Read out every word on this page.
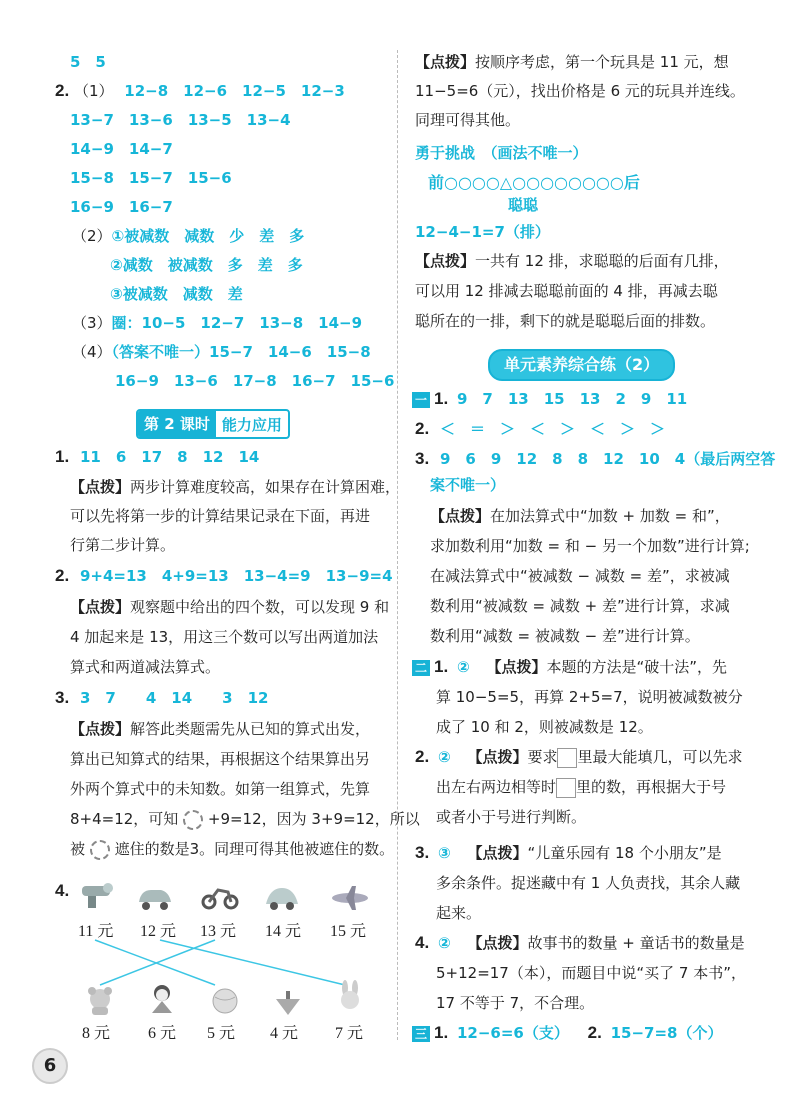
5　5
2. （1） 12−8　12−6　12−5　12−3
13−7　13−6　13−5　13−4
14−9　14−7
15−8　15−7　15−6
16−9　16−7
（2）①被减数　减数　少　差　多
②减数　被减数　多　差　多
③被减数　减数　差
（3）圈：10−5　12−7　13−8　14−9
（4）（答案不唯一）15−7　14−6　15−8
16−9　13−6　17−8　16−7　15−6
第 2 课时 能力应用
1. 11　6　17　8　12　14
【点拨】两步计算难度较高，如果存在计算困难，
可以先将第一步的计算结果记录在下面，再进
行第二步计算。
2. 9+4=13　4+9=13　13−4=9　13−9=4
【点拨】观察题中给出的四个数，可以发现 9 和
4 加起来是 13，用这三个数可以写出两道加法
算式和两道减法算式。
3. 3　7　　4　14　　3　12
【点拨】解答此类题需先从已知的算式出发，
算出已知算式的结果，再根据这个结果算出另
外两个算式中的未知数。如第一组算式，先算
8+4=12，可知 +9=12，因为 3+9=12，所以
被 遮住的数是3。同理可得其他被遮住的数。
4.
11 元 12 元 13 元 14 元 15 元
8 元 6 元 5 元 4 元 7 元
6
【点拨】按顺序考虑，第一个玩具是 11 元，想
11−5=6（元），找出价格是 6 元的玩具并连线。
同理可得其他。
勇于挑战　（画法不唯一）
前○○○○△○○○○○○○○后
聪聪
12−4−1=7（排）
【点拨】一共有 12 排，求聪聪的后面有几排，
可以用 12 排减去聪聪前面的 4 排，再减去聪
聪所在的一排，剩下的就是聪聪后面的排数。
单元素养综合练（2）
一 1. 9　7　13　15　13　2　9　11
2. ＜　＝　＞　＜　＞　＜　＞　＞
3. 9　6　9　12　8　8　12　10　4（最后两空答
案不唯一）
【点拨】在加法算式中“加数 + 加数 = 和”，
求加数利用“加数 = 和 − 另一个加数”进行计算;
在减法算式中“被减数 − 减数 = 差”，求被减
数利用“被减数 = 减数 + 差”进行计算，求减
数利用“减数 = 被减数 − 差”进行计算。
二 1. ② 【点拨】本题的方法是“破十法”，先
算 10−5=5，再算 2+5=7，说明被减数被分
成了 10 和 2，则被减数是 12。
2. ② 【点拨】要求 里最大能填几，可以先求
出左右两边相等时 里的数，再根据大于号
或者小于号进行判断。
3. ③ 【点拨】“儿童乐园有 18 个小朋友”是
多余条件。捉迷藏中有 1 人负责找，其余人藏
起来。
4. ② 【点拨】故事书的数量 + 童话书的数量是
5+12=17（本），而题目中说“买了 7 本书”，
17 不等于 7，不合理。
三 1. 12−6=6（支） 2. 15−7=8（个）
